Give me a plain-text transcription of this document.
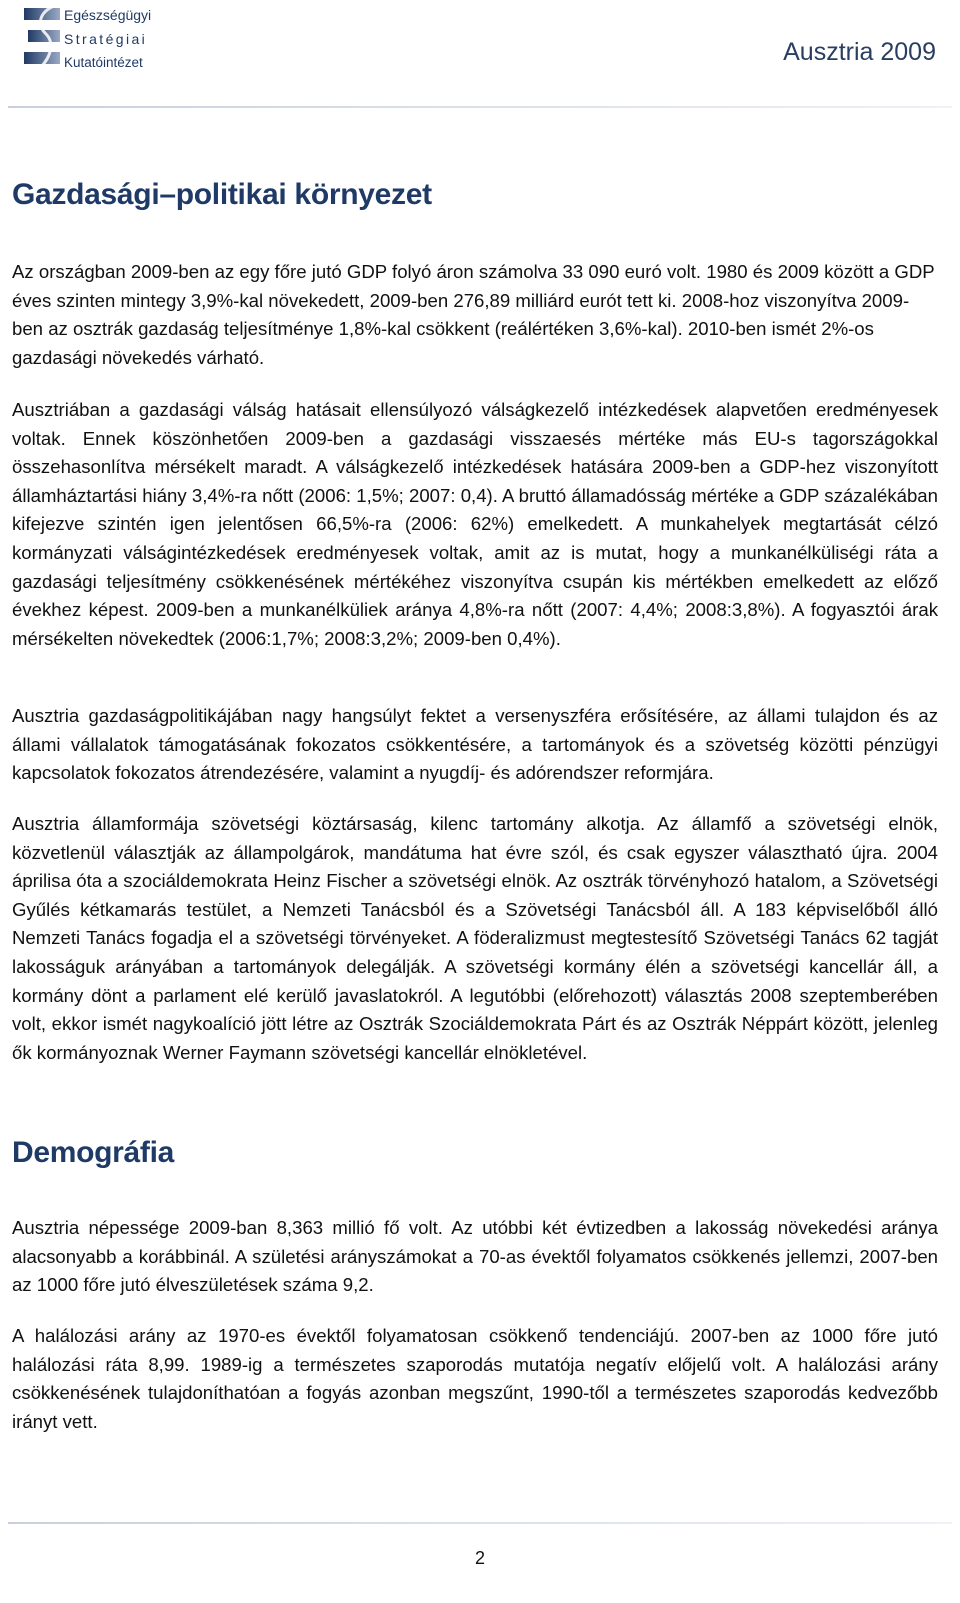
Egészségügyi
Stratégiai
Kutatóintézet	Ausztria 2009
Gazdasági–politikai környezet

Az országban 2009-ben az egy főre jutó GDP folyó áron számolva 33 090 euró volt. 1980 és 2009 között a GDP éves szinten mintegy 3,9%-kal növekedett, 2009-ben 276,89 milliárd eurót tett ki. 2008-hoz viszonyítva 2009-ben az osztrák gazdaság teljesítménye 1,8%-kal csökkent (reálértéken 3,6%-kal). 2010-ben ismét 2%-os gazdasági növekedés várható.

Ausztriában a gazdasági válság hatásait ellensúlyozó válságkezelő intézkedések alapvetően eredményesek voltak. Ennek köszönhetően 2009-ben a gazdasági visszaesés mértéke más EU-s tagországokkal összehasonlítva mérsékelt maradt. A válságkezelő intézkedések hatására 2009-ben a GDP-hez viszonyított államháztartási hiány 3,4%-ra nőtt (2006: 1,5%; 2007: 0,4). A bruttó államadósság mértéke a GDP százalékában kifejezve szintén igen jelentősen 66,5%-ra (2006: 62%) emelkedett. A munkahelyek megtartását célzó kormányzati válságintézkedések eredményesek voltak, amit az is mutat, hogy a munkanélküliségi ráta a gazdasági teljesítmény csökkenésének mértékéhez viszonyítva csupán kis mértékben emelkedett az előző évekhez képest. 2009-ben a munkanélküliek aránya 4,8%-ra nőtt (2007: 4,4%; 2008:3,8%). A fogyasztói árak mérsékelten növekedtek (2006:1,7%; 2008:3,2%; 2009-ben 0,4%).

Ausztria gazdaságpolitikájában nagy hangsúlyt fektet a versenyszféra erősítésére, az állami tulajdon és az állami vállalatok támogatásának fokozatos csökkentésére, a tartományok és a szövetség közötti pénzügyi kapcsolatok fokozatos átrendezésére, valamint a nyugdíj- és adórendszer reformjára.

Ausztria államformája szövetségi köztársaság, kilenc tartomány alkotja. Az államfő a szövetségi elnök, közvetlenül választják az állampolgárok, mandátuma hat évre szól, és csak egyszer választható újra. 2004 áprilisa óta a szociáldemokrata Heinz Fischer a szövetségi elnök. Az osztrák törvényhozó hatalom, a Szövetségi Gyűlés kétkamarás testület, a Nemzeti Tanácsból és a Szövetségi Tanácsból áll. A 183 képviselőből álló Nemzeti Tanács fogadja el a szövetségi törvényeket. A föderalizmust megtestesítő Szövetségi Tanács 62 tagját lakosságuk arányában a tartományok delegálják. A szövetségi kormány élén a szövetségi kancellár áll, a kormány dönt a parlament elé kerülő javaslatokról. A legutóbbi (előrehozott) választás 2008 szeptemberében volt, ekkor ismét nagykoalíció jött létre az Osztrák Szociáldemokrata Párt és az Osztrák Néppárt között, jelenleg ők kormányoznak Werner Faymann szövetségi kancellár elnökletével.

Demográfia

Ausztria népessége 2009-ban 8,363 millió fő volt. Az utóbbi két évtizedben a lakosság növekedési aránya alacsonyabb a korábbinál. A születési arányszámokat a 70-as évektől folyamatos csökkenés jellemzi, 2007-ben az 1000 főre jutó élveszületések száma 9,2.

A halálozási arány az 1970-es évektől folyamatosan csökkenő tendenciájú. 2007-ben az 1000 főre jutó halálozási ráta 8,99. 1989-ig a természetes szaporodás mutatója negatív előjelű volt. A halálozási arány csökkenésének tulajdoníthatóan a fogyás azonban megszűnt, 1990-től a természetes szaporodás kedvezőbb irányt vett.

2
